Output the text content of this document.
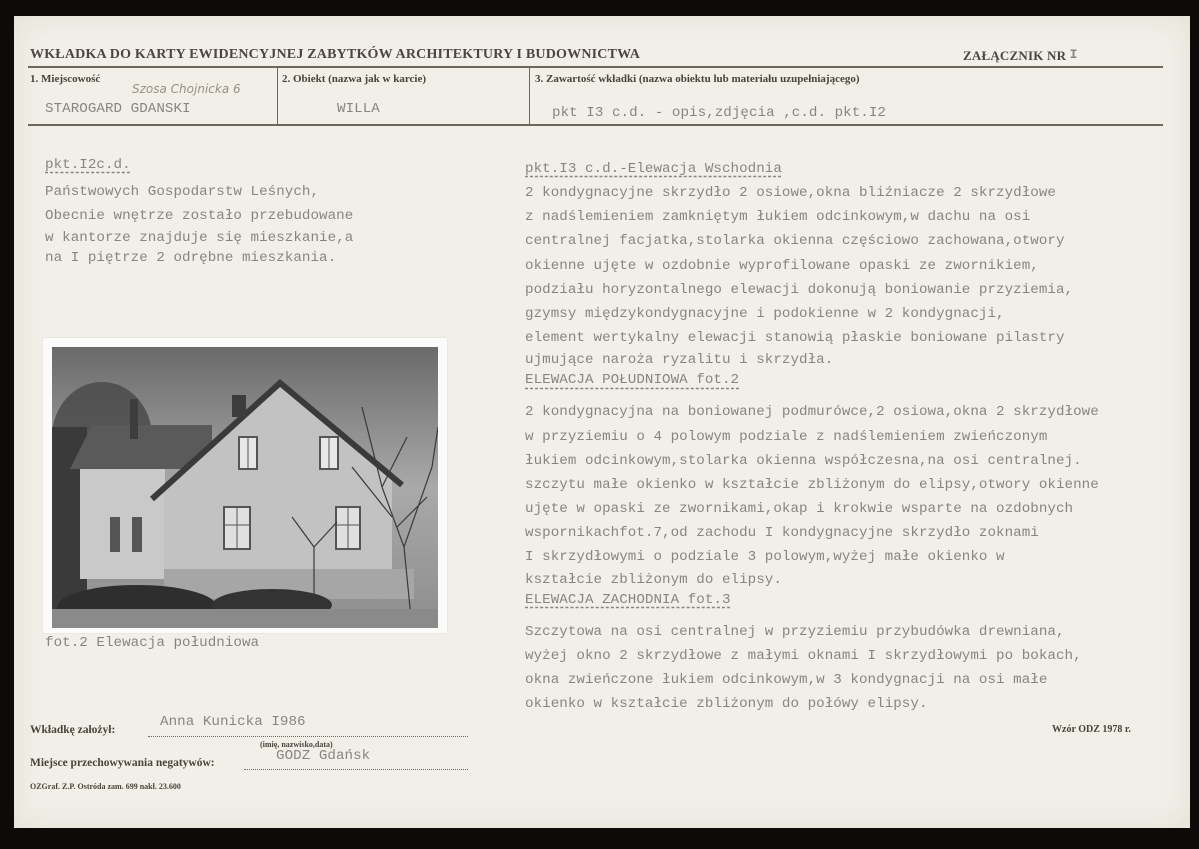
WKŁADKA DO KARTY EWIDENCYJNEJ ZABYTKÓW ARCHITEKTURY I BUDOWNICTWA	ZAŁĄCZNIK NR I
1. Miejscowość
Szosa Chojnicka 6
STAROGARD GDANSKI
2. Obiekt (nazwa jak w karcie)
WILLA
3. Zawartość wkładki (nazwa obiektu lub materiału uzupełniającego)
pkt I3 c.d. - opis,zdjęcia ,c.d. pkt.I2
pkt.I2c.d.
Państwowych Gospodarstw Leśnych,
Obecnie wnętrze zostało przebudowane
w kantorze znajduje się mieszkanie,a
na I piętrze 2 odrębne mieszkania.
fot.2 Elewacja południowa
pkt.I3 c.d.-Elewacja Wschodnia
2 kondygnacyjne skrzydło 2 osiowe,okna bliźniacze 2 skrzydłowe
z nadślemieniem zamkniętym łukiem odcinkowym,w dachu na osi
centralnej facjatka,stolarka okienna częściowo zachowana,otwory
okienne ujęte w ozdobnie wyprofilowane opaski ze zwornikiem,
podziału horyzontalnego elewacji dokonują boniowanie przyziemia,
gzymsy międzykondygnacyjne i podokienne w 2 kondygnacji,
element wertykalny elewacji stanowią płaskie boniowane pilastry
ujmujące naroża ryzalitu i skrzydła.
ELEWACJA POŁUDNIOWA fot.2
2 kondygnacyjna na boniowanej podmurówce,2 osiowa,okna 2 skrzydłowe
w przyziemiu o 4 polowym podziale z nadślemieniem zwieńczonym
łukiem odcinkowym,stolarka okienna współczesna,na osi centralnej.
szczytu małe okienko w kształcie zbliżonym do elipsy,otwory okienne
ujęte w opaski ze zwornikami,okap i krokwie wsparte na ozdobnych
wspornikachfot.7,od zachodu I kondygnacyjne skrzydło zoknami
I skrzydłowymi o podziale 3 polowym,wyżej małe okienko w
kształcie zbliżonym do elipsy.
ELEWACJA ZACHODNIA fot.3
Szczytowa na osi centralnej w przyziemiu przybudówka drewniana,
wyżej okno 2 skrzydłowe z małymi oknami I skrzydłowymi po bokach,
okna zwieńczone łukiem odcinkowym,w 3 kondygnacji na osi małe
okienko w kształcie zbliżonym do połówy elipsy.
Wzór ODZ 1978 r.
Wkładkę założył:	Anna Kunicka I986
(imię, nazwisko,data)
Miejsce przechowywania negatywów:	GODZ Gdańsk
OZGraf. Z.P. Ostróda zam. 699 nakł. 23.600
